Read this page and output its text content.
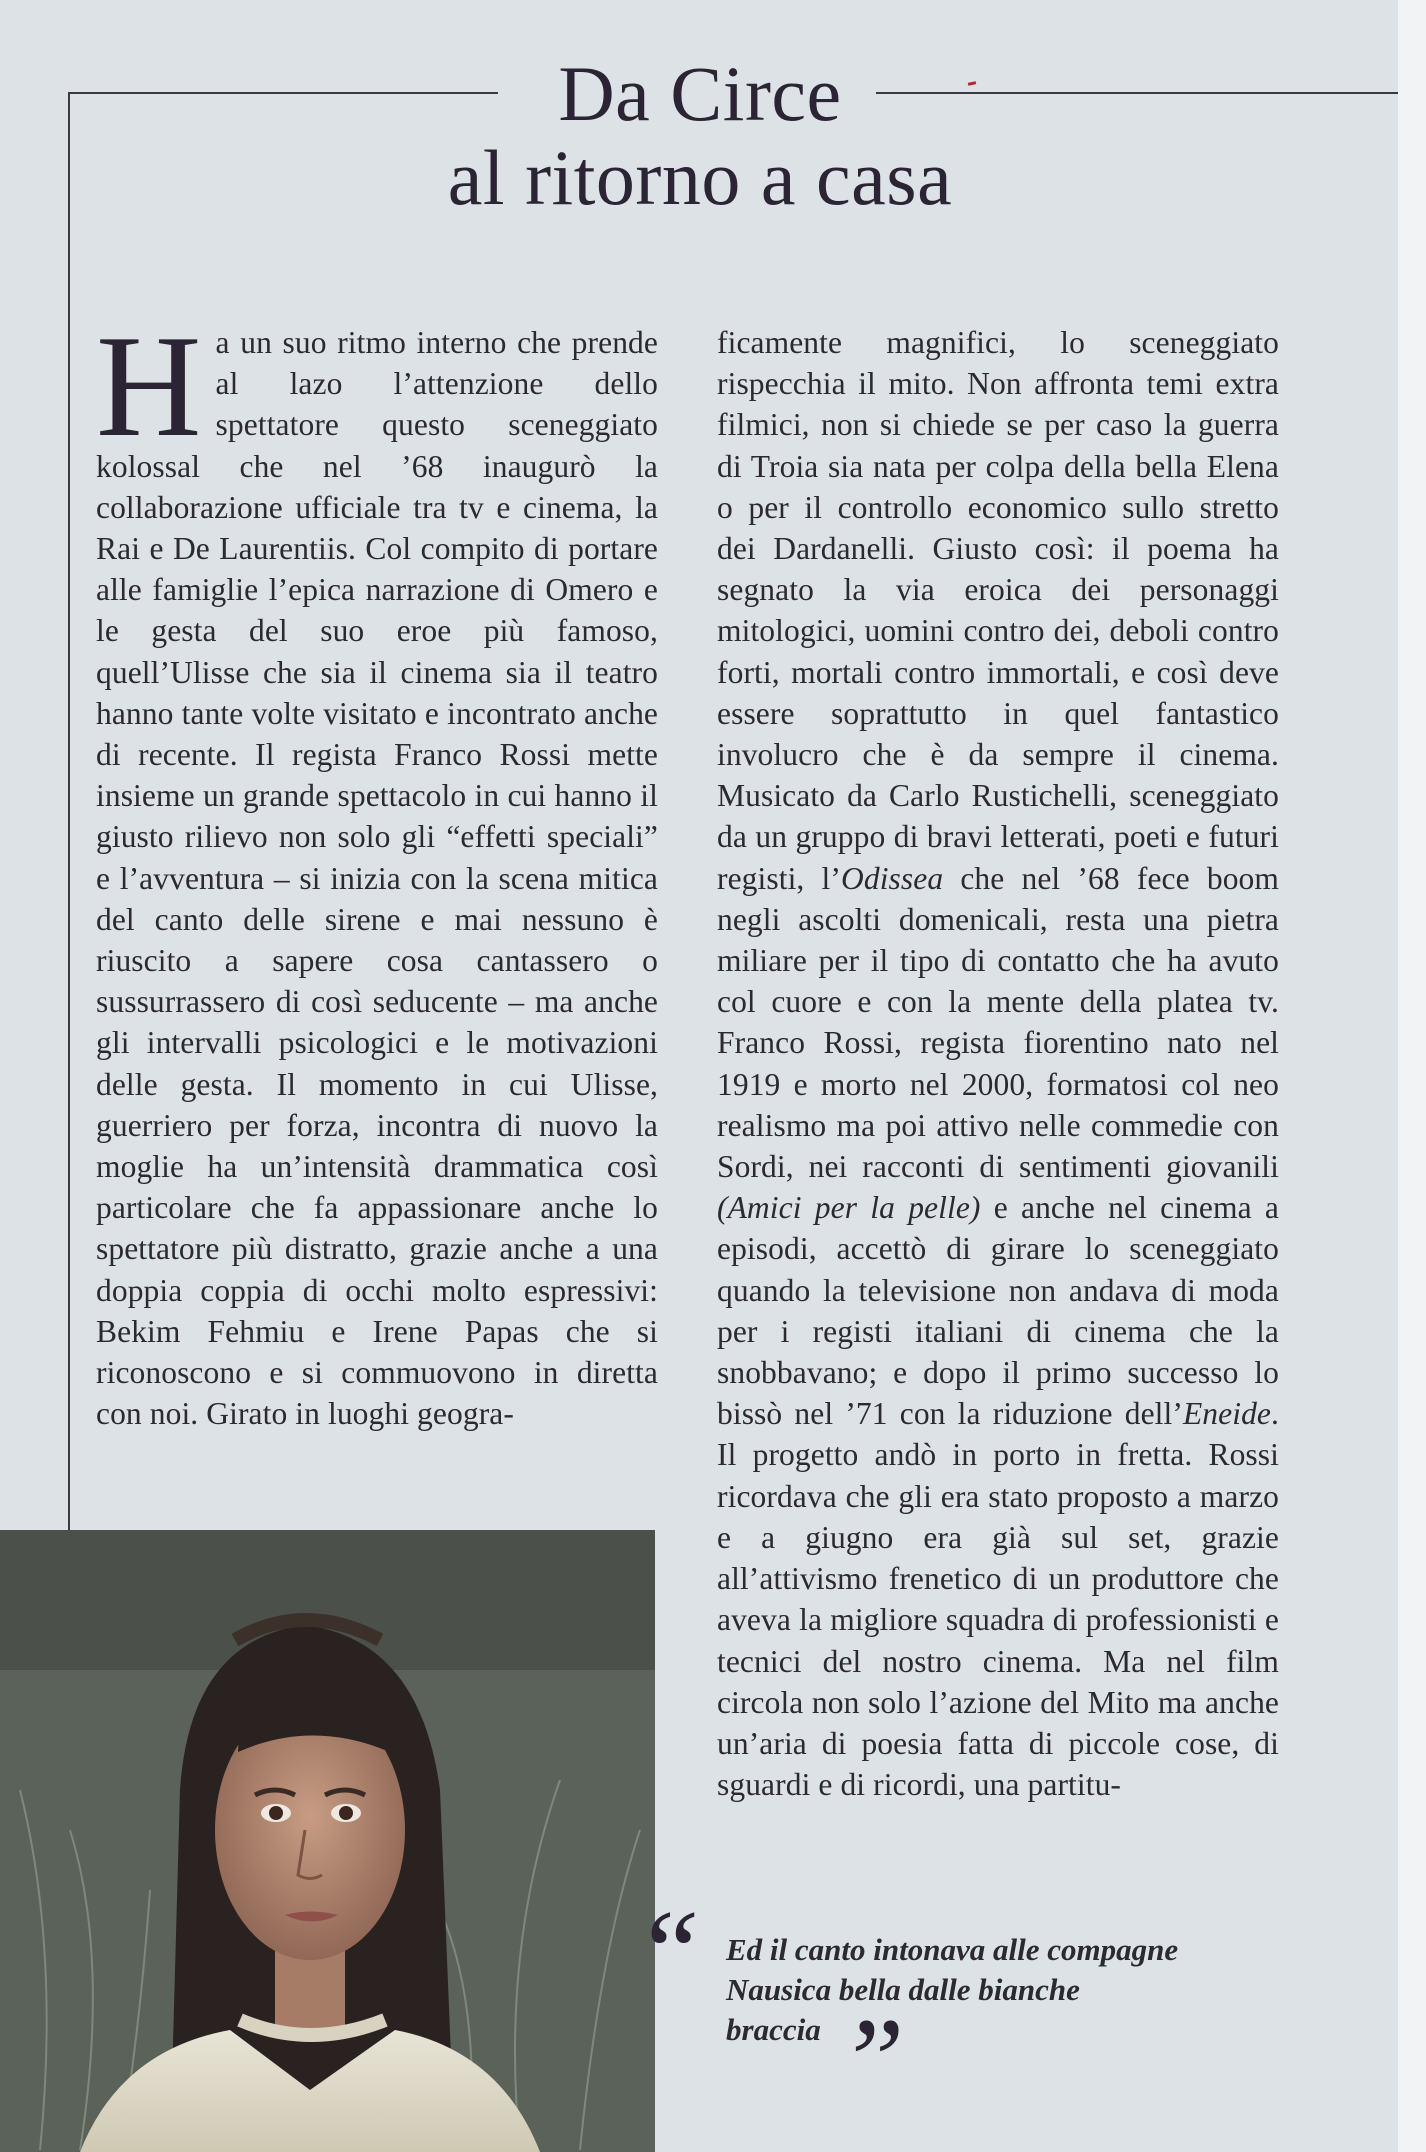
Da Circe
al ritorno a casa

Ha un suo ritmo interno che prende al lazo l’attenzione dello spettatore questo sceneggiato kolossal che nel ’68 inaugurò la collaborazione ufficiale tra tv e cinema, la Rai e De Laurentiis. Col compito di portare alle famiglie l’epica narrazione di Omero e le gesta del suo eroe più famoso, quell’Ulisse che sia il cinema sia il teatro hanno tante volte visitato e incontrato anche di recente. Il regista Franco Rossi mette insieme un grande spettacolo in cui hanno il giusto rilievo non solo gli “effetti speciali” e l’avventura – si inizia con la scena mitica del canto delle sirene e mai nessuno è riuscito a sapere cosa cantassero o sussurrassero di così seducente – ma anche gli intervalli psicologici e le motivazioni delle gesta. Il momento in cui Ulisse, guerriero per forza, incontra di nuovo la moglie ha un’intensità drammatica così particolare che fa appassionare anche lo spettatore più distratto, grazie anche a una doppia coppia di occhi molto espressivi: Bekim Fehmiu e Irene Papas che si riconoscono e si commuovono in diretta con noi. Girato in luoghi geogra-

ficamente magnifici, lo sceneggiato rispecchia il mito. Non affronta temi extra filmici, non si chiede se per caso la guerra di Troia sia nata per colpa della bella Elena o per il controllo economico sullo stretto dei Dardanelli. Giusto così: il poema ha segnato la via eroica dei personaggi mitologici, uomini contro dei, deboli contro forti, mortali contro immortali, e così deve essere soprattutto in quel fantastico involucro che è da sempre il cinema. Musicato da Carlo Rustichelli, sceneggiato da un gruppo di bravi letterati, poeti e futuri registi, l’Odissea che nel ’68 fece boom negli ascolti domenicali, resta una pietra miliare per il tipo di contatto che ha avuto col cuore e con la mente della platea tv. Franco Rossi, regista fiorentino nato nel 1919 e morto nel 2000, formatosi col neo realismo ma poi attivo nelle commedie con Sordi, nei racconti di sentimenti giovanili (Amici per la pelle) e anche nel cinema a episodi, accettò di girare lo sceneggiato quando la televisione non andava di moda per i registi italiani di cinema che la snobbavano; e dopo il primo successo lo bissò nel ’71 con la riduzione dell’Eneide. Il progetto andò in porto in fretta. Rossi ricordava che gli era stato proposto a marzo e a giugno era già sul set, grazie all’attivismo frenetico di un produttore che aveva la migliore squadra di professionisti e tecnici del nostro cinema. Ma nel film circola non solo l’azione del Mito ma anche un’aria di poesia fatta di piccole cose, di sguardi e di ricordi, una partitu-

“ Ed il canto intonava alle compagne
Nausica bella dalle bianche
braccia ”
